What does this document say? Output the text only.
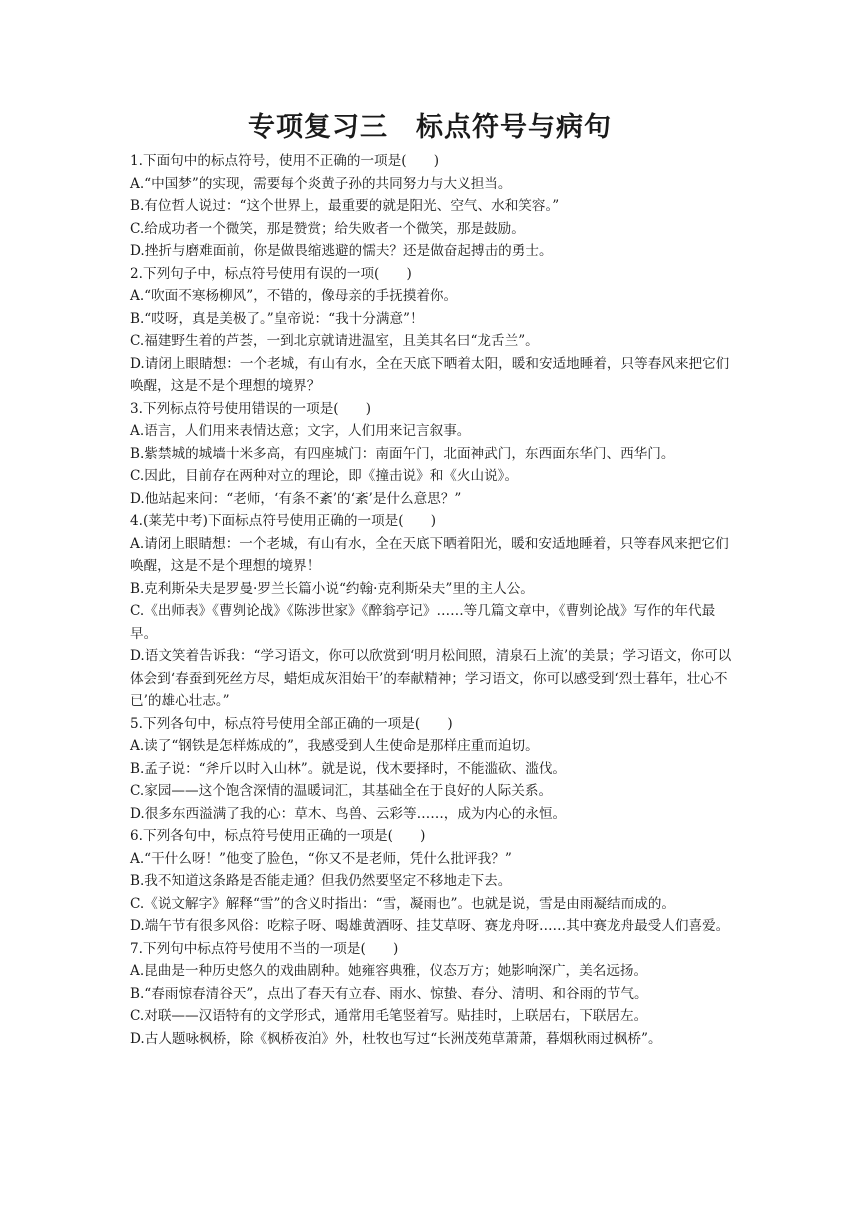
专项复习三　标点符号与病句

1.下面句中的标点符号，使用不正确的一项是(　　)

A.“中国梦”的实现，需要每个炎黄子孙的共同努力与大义担当。

B.有位哲人说过：“这个世界上，最重要的就是阳光、空气、水和笑容。”

C.给成功者一个微笑，那是赞赏；给失败者一个微笑，那是鼓励。

D.挫折与磨难面前，你是做畏缩逃避的懦夫？还是做奋起搏击的勇士。

2.下列句子中，标点符号使用有误的一项(　　)

A.“吹面不寒杨柳风”，不错的，像母亲的手抚摸着你。

B.“哎呀，真是美极了。”皇帝说：“我十分满意”！

C.福建野生着的芦荟，一到北京就请进温室，且美其名曰“龙舌兰”。

D.请闭上眼睛想：一个老城，有山有水，全在天底下晒着太阳，暖和安适地睡着，只等春风来把它们唤醒，这是不是个理想的境界？

3.下列标点符号使用错误的一项是(　　)

A.语言，人们用来表情达意；文字，人们用来记言叙事。

B.紫禁城的城墙十米多高，有四座城门：南面午门，北面神武门，东西面东华门、西华门。

C.因此，目前存在两种对立的理论，即《撞击说》和《火山说》。

D.他站起来问：“老师，‘有条不紊’的‘紊’是什么意思？”

4.(莱芜中考)下面标点符号使用正确的一项是(　　)

A.请闭上眼睛想：一个老城，有山有水，全在天底下晒着阳光，暖和安适地睡着，只等春风来把它们唤醒，这是不是个理想的境界！

B.克利斯朵夫是罗曼·罗兰长篇小说“约翰·克利斯朵夫”里的主人公。

C.《出师表》《曹刿论战》《陈涉世家》《醉翁亭记》……等几篇文章中，《曹刿论战》写作的年代最早。

D.语文笑着告诉我：“学习语文，你可以欣赏到‘明月松间照，清泉石上流’的美景；学习语文，你可以体会到‘春蚕到死丝方尽，蜡炬成灰泪始干’的奉献精神；学习语文，你可以感受到‘烈士暮年，壮心不已’的雄心壮志。”

5.下列各句中，标点符号使用全部正确的一项是(　　)

A.读了“钢铁是怎样炼成的”，我感受到人生使命是那样庄重而迫切。

B.孟子说：“斧斤以时入山林”。就是说，伐木要择时，不能滥砍、滥伐。

C.家园——这个饱含深情的温暖词汇，其基础全在于良好的人际关系。

D.很多东西溢满了我的心：草木、鸟兽、云彩等……，成为内心的永恒。

6.下列各句中，标点符号使用正确的一项是(　　)

A.“干什么呀！”他变了脸色，“你又不是老师，凭什么批评我？”

B.我不知道这条路是否能走通？但我仍然要坚定不移地走下去。

C.《说文解字》解释“雪”的含义时指出：“雪，凝雨也”。也就是说，雪是由雨凝结而成的。

D.端午节有很多风俗：吃粽子呀、喝雄黄酒呀、挂艾草呀、赛龙舟呀……其中赛龙舟最受人们喜爱。

7.下列句中标点符号使用不当的一项是(　　)

A.昆曲是一种历史悠久的戏曲剧种。她雍容典雅，仪态万方；她影响深广，美名远扬。

B.“春雨惊春清谷天”，点出了春天有立春、雨水、惊蛰、春分、清明、和谷雨的节气。

C.对联——汉语特有的文学形式，通常用毛笔竖着写。贴挂时，上联居右，下联居左。

D.古人题咏枫桥，除《枫桥夜泊》外，杜牧也写过“长洲茂苑草萧萧，暮烟秋雨过枫桥”。
